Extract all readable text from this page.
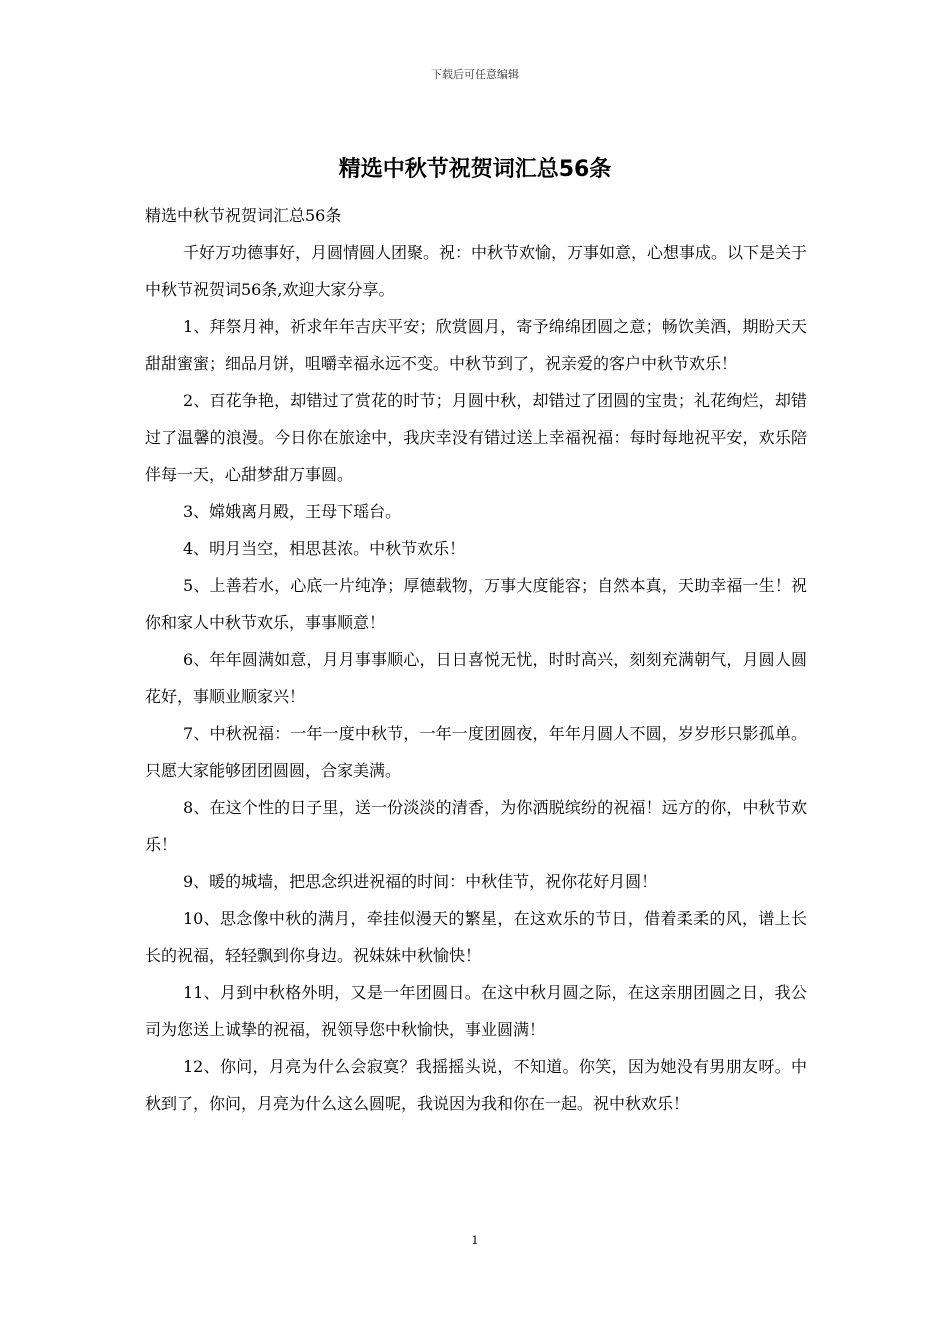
下载后可任意编辑
精选中秋节祝贺词汇总56条

精选中秋节祝贺词汇总56条

千好万功德事好，月圆情圆人团聚。祝：中秋节欢愉，万事如意，心想事成。以下是关于中秋节祝贺词56条,欢迎大家分享。

1、拜祭月神，祈求年年吉庆平安；欣赏圆月，寄予绵绵团圆之意；畅饮美酒，期盼天天甜甜蜜蜜；细品月饼，咀嚼幸福永远不变。中秋节到了，祝亲爱的客户中秋节欢乐！

2、百花争艳，却错过了赏花的时节；月圆中秋，却错过了团圆的宝贵；礼花绚烂，却错过了温馨的浪漫。今日你在旅途中，我庆幸没有错过送上幸福祝福：每时每地祝平安，欢乐陪伴每一天，心甜梦甜万事圆。

3、嫦娥离月殿，王母下瑶台。

4、明月当空，相思甚浓。中秋节欢乐！

5、上善若水，心底一片纯净；厚德载物，万事大度能容；自然本真，天助幸福一生！祝你和家人中秋节欢乐，事事顺意！

6、年年圆满如意，月月事事顺心，日日喜悦无忧，时时高兴，刻刻充满朝气，月圆人圆花好，事顺业顺家兴！

7、中秋祝福：一年一度中秋节，一年一度团圆夜，年年月圆人不圆，岁岁形只影孤单。只愿大家能够团团圆圆，合家美满。

8、在这个性的日子里，送一份淡淡的清香，为你洒脱缤纷的祝福！远方的你，中秋节欢乐！

9、暖的城墙，把思念织进祝福的时间：中秋佳节，祝你花好月圆！

10、思念像中秋的满月，牵挂似漫天的繁星，在这欢乐的节日，借着柔柔的风，谱上长长的祝福，轻轻飘到你身边。祝妹妹中秋愉快！

11、月到中秋格外明，又是一年团圆日。在这中秋月圆之际，在这亲朋团圆之日，我公司为您送上诚挚的祝福，祝领导您中秋愉快，事业圆满！

12、你问，月亮为什么会寂寞？我摇摇头说，不知道。你笑，因为她没有男朋友呀。中秋到了，你问，月亮为什么这么圆呢，我说因为我和你在一起。祝中秋欢乐！

1
